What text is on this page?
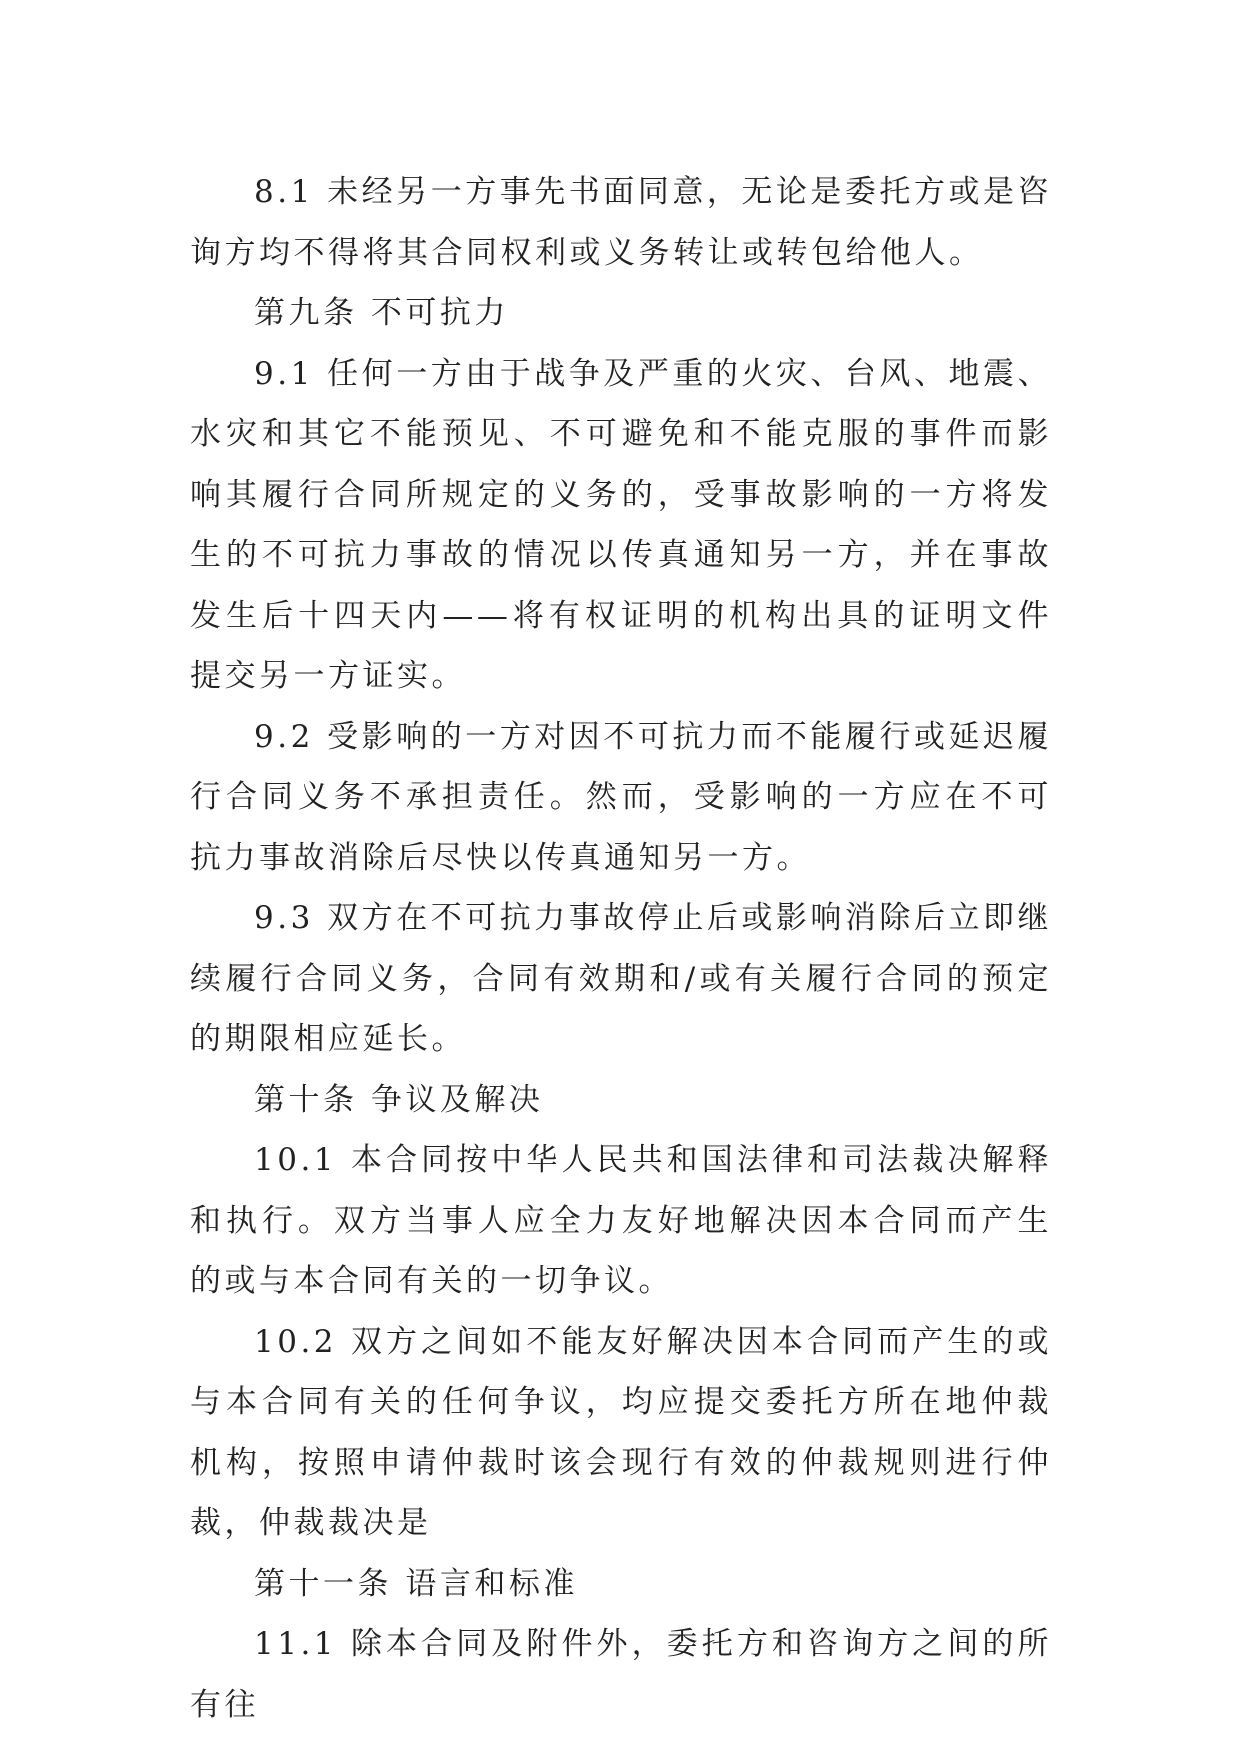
8.1 未经另一方事先书面同意，无论是委托方或是咨询方均不得将其合同权利或义务转让或转包给他人。

第九条 不可抗力

9.1 任何一方由于战争及严重的火灾、台风、地震、水灾和其它不能预见、不可避免和不能克服的事件而影响其履行合同所规定的义务的，受事故影响的一方将发生的不可抗力事故的情况以传真通知另一方，并在事故发生后十四天内——将有权证明的机构出具的证明文件提交另一方证实。

9.2 受影响的一方对因不可抗力而不能履行或延迟履行合同义务不承担责任。然而，受影响的一方应在不可抗力事故消除后尽快以传真通知另一方。

9.3 双方在不可抗力事故停止后或影响消除后立即继续履行合同义务，合同有效期和/或有关履行合同的预定的期限相应延长。

第十条 争议及解决

10.1 本合同按中华人民共和国法律和司法裁决解释和执行。双方当事人应全力友好地解决因本合同而产生的或与本合同有关的一切争议。

10.2 双方之间如不能友好解决因本合同而产生的或与本合同有关的任何争议，均应提交委托方所在地仲裁机构，按照申请仲裁时该会现行有效的仲裁规则进行仲裁，仲裁裁决是

第十一条 语言和标准

11.1 除本合同及附件外，委托方和咨询方之间的所有往
